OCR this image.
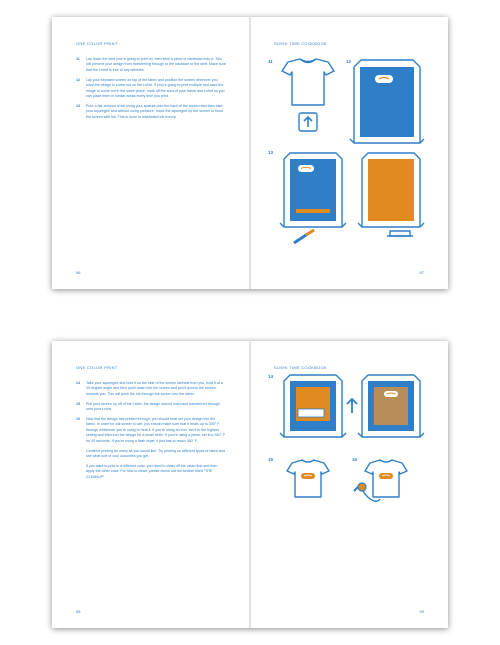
ONE COLOR PRINT
11	Lay down the shirt you're going to print on, then stick a piece of cardboard into it. This will prevent your design from transferring through to the backside of the shirt. Make sure that the t-shirt is free of any wrinkles.
12	Lay your exposed screen on top of the fabric and position the screen wherever you want the design to come out on the t-shirt. If you're going to print multiple and want the image to come out in the same place, mark off the area of your frame and t-shirt so you can place them in similar areas every time you print.
13	Pour a fair amount of ink using your spatula onto the back of the screen and then take your squeegee and without using pressure, move the squeegee up the screen to flood the screen with ink. This is done to distributed ink evenly.
56
SUSHI TIME COOKBOOK
11	12
13
57
ONE COLOR PRINT
14	Take your squeegee and hold it on the side of the screen farthest from you, hold it at a 45 degree angle and then push down into the screen and pull it across the screen towards you. This will push the ink through the screen into the fabric.
15	Pull your screen up off of the t-shirt, the design should now have transferred through onto your t-shirt.
16	Now that the design has printed through, you should heat set your design into the fabric. In order for silk screen to set, you should make sure that it heats up to 350° F through whichever you're using to heat it. If you're using an iron, set it to the highest setting and then iron the design for a small while. If you're using a press, set it to 330° F for 20 seconds. If you're using a flash dryer, it just has to reach 350° F.

Continue printing as many as you would like. Try printing on different types of fabric and see what sort of cool outcomes you get.

If you want to print in a different color, you need to clean off the clean first and then apply the other color. For how to clean, please check out the section titled "THE CLEANUP"

58
SUSHI TIME COOKBOOK
14
15	16
59
